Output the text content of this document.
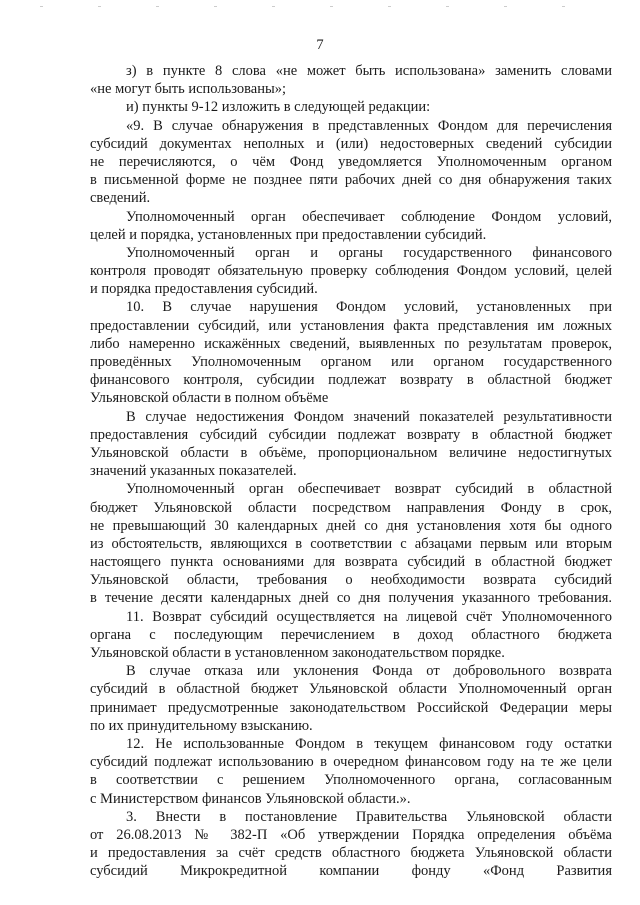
7
з) в пункте 8 слова «не может быть использована» заменить словами
«не могут быть использованы»;
и) пункты 9-12 изложить в следующей редакции:
«9. В случае обнаружения в представленных Фондом для перечисления
субсидий документах неполных и (или) недостоверных сведений субсидии
не перечисляются, о чём Фонд уведомляется Уполномоченным органом
в письменной форме не позднее пяти рабочих дней со дня обнаружения таких
сведений.
Уполномоченный орган обеспечивает соблюдение Фондом условий,
целей и порядка, установленных при предоставлении субсидий.
Уполномоченный орган и органы государственного финансового
контроля проводят обязательную проверку соблюдения Фондом условий, целей
и порядка предоставления субсидий.
10. В случае нарушения Фондом условий, установленных при
предоставлении субсидий, или установления факта представления им ложных
либо намеренно искажённых сведений, выявленных по результатам проверок,
проведённых Уполномоченным органом или органом государственного
финансового контроля, субсидии подлежат возврату в областной бюджет
Ульяновской области в полном объёме
В случае недостижения Фондом значений показателей результативности
предоставления субсидий субсидии подлежат возврату в областной бюджет
Ульяновской области в объёме, пропорциональном величине недостигнутых
значений указанных показателей.
Уполномоченный орган обеспечивает возврат субсидий в областной
бюджет Ульяновской области посредством направления Фонду в срок,
не превышающий 30 календарных дней со дня установления хотя бы одного
из обстоятельств, являющихся в соответствии с абзацами первым или вторым
настоящего пункта основаниями для возврата субсидий в областной бюджет
Ульяновской области, требования о необходимости возврата субсидий
в течение десяти календарных дней со дня получения указанного требования.
11. Возврат субсидий осуществляется на лицевой счёт Уполномоченного
органа с последующим перечислением в доход областного бюджета
Ульяновской области в установленном законодательством порядке.
В случае отказа или уклонения Фонда от добровольного возврата
субсидий в областной бюджет Ульяновской области Уполномоченный орган
принимает предусмотренные законодательством Российской Федерации меры
по их принудительному взысканию.
12. Не использованные Фондом в текущем финансовом году остатки
субсидий подлежат использованию в очередном финансовом году на те же цели
в соответствии с решением Уполномоченного органа, согласованным
с Министерством финансов Ульяновской области.».
3. Внести в постановление Правительства Ульяновской области
от 26.08.2013 № 382-П «Об утверждении Порядка определения объёма
и предоставления за счёт средств областного бюджета Ульяновской области
субсидий Микрокредитной компании фонду «Фонд Развития
